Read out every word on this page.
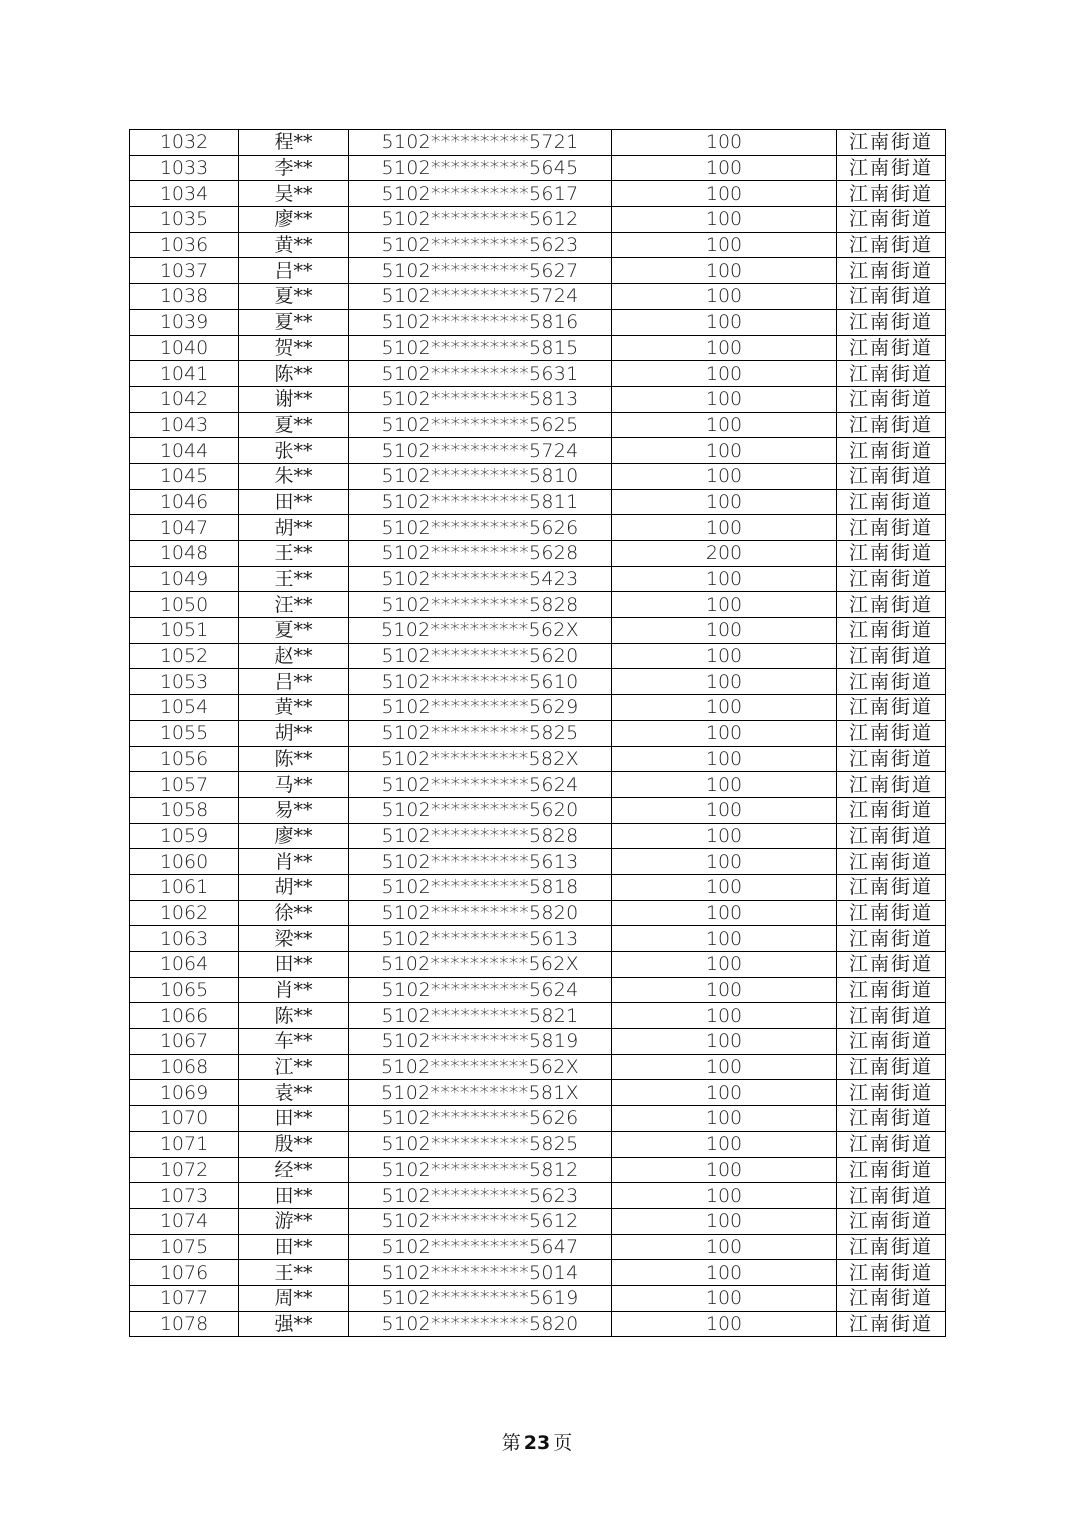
1032	程**	5102**********5721	100	江南街道
1033	李**	5102**********5645	100	江南街道
1034	吴**	5102**********5617	100	江南街道
1035	廖**	5102**********5612	100	江南街道
1036	黄**	5102**********5623	100	江南街道
1037	吕**	5102**********5627	100	江南街道
1038	夏**	5102**********5724	100	江南街道
1039	夏**	5102**********5816	100	江南街道
1040	贺**	5102**********5815	100	江南街道
1041	陈**	5102**********5631	100	江南街道
1042	谢**	5102**********5813	100	江南街道
1043	夏**	5102**********5625	100	江南街道
1044	张**	5102**********5724	100	江南街道
1045	朱**	5102**********5810	100	江南街道
1046	田**	5102**********5811	100	江南街道
1047	胡**	5102**********5626	100	江南街道
1048	王**	5102**********5628	200	江南街道
1049	王**	5102**********5423	100	江南街道
1050	汪**	5102**********5828	100	江南街道
1051	夏**	5102**********562X	100	江南街道
1052	赵**	5102**********5620	100	江南街道
1053	吕**	5102**********5610	100	江南街道
1054	黄**	5102**********5629	100	江南街道
1055	胡**	5102**********5825	100	江南街道
1056	陈**	5102**********582X	100	江南街道
1057	马**	5102**********5624	100	江南街道
1058	易**	5102**********5620	100	江南街道
1059	廖**	5102**********5828	100	江南街道
1060	肖**	5102**********5613	100	江南街道
1061	胡**	5102**********5818	100	江南街道
1062	徐**	5102**********5820	100	江南街道
1063	梁**	5102**********5613	100	江南街道
1064	田**	5102**********562X	100	江南街道
1065	肖**	5102**********5624	100	江南街道
1066	陈**	5102**********5821	100	江南街道
1067	车**	5102**********5819	100	江南街道
1068	江**	5102**********562X	100	江南街道
1069	袁**	5102**********581X	100	江南街道
1070	田**	5102**********5626	100	江南街道
1071	殷**	5102**********5825	100	江南街道
1072	经**	5102**********5812	100	江南街道
1073	田**	5102**********5623	100	江南街道
1074	游**	5102**********5612	100	江南街道
1075	田**	5102**********5647	100	江南街道
1076	王**	5102**********5014	100	江南街道
1077	周**	5102**********5619	100	江南街道
1078	强**	5102**********5820	100	江南街道
第 23 页
